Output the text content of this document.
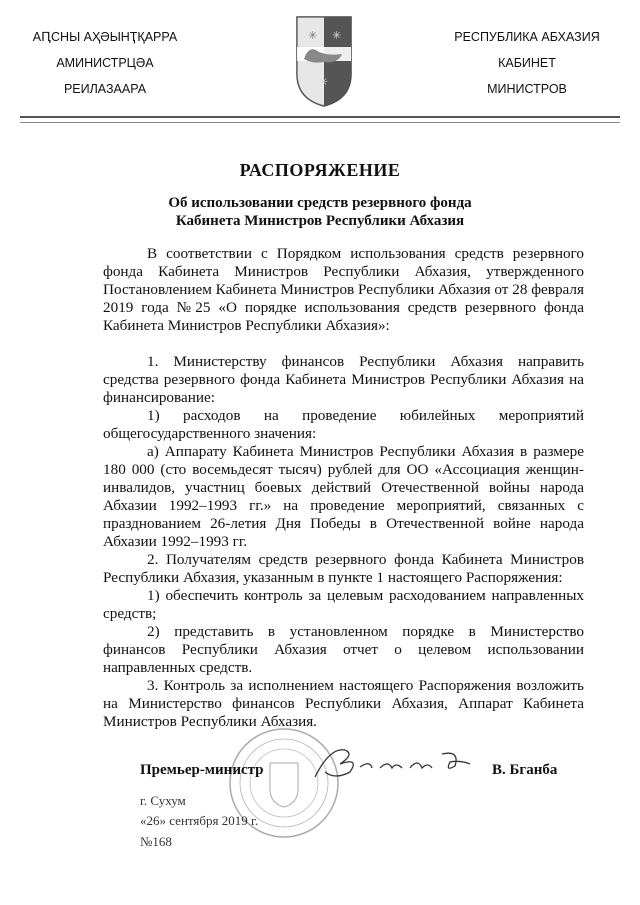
АԤСНЫ АҲӘЫНҬҚАРРА
АМИНИСТРЦӘА
РЕИЛАЗААРА
✳ ✳
✳
РЕСПУБЛИКА АБХАЗИЯ
КАБИНЕТ
МИНИСТРОВ
РАСПОРЯЖЕНИЕ
Об использовании средств резервного фонда
Кабинета Министров Республики Абхазия

В соответствии с Порядком использования средств резервного фонда Кабинета Министров Республики Абхазия, утвержденного Постановлением Кабинета Министров Республики Абхазия от 28 февраля 2019 года №25 «О порядке использования средств резервного фонда Кабинета Министров Республики Абхазия»:

1. Министерству финансов Республики Абхазия направить средства резервного фонда Кабинета Министров Республики Абхазия на финансирование:

1) расходов на проведение юбилейных мероприятий общегосударственного значения:

а) Аппарату Кабинета Министров Республики Абхазия в размере 180 000 (сто восемьдесят тысяч) рублей для ОО «Ассоциация женщин-инвалидов, участниц боевых действий Отечественной войны народа Абхазии 1992–1993 гг.» на проведение мероприятий, связанных с празднованием 26-летия Дня Победы в Отечественной войне народа Абхазии 1992–1993 гг.

2. Получателям средств резервного фонда Кабинета Министров Республики Абхазия, указанным в пункте 1 настоящего Распоряжения:

1) обеспечить контроль за целевым расходованием направленных средств;

2) представить в установленном порядке в Министерство финансов Республики Абхазия отчет о целевом использовании направленных средств.

3. Контроль за исполнением настоящего Распоряжения возложить на Министерство финансов Республики Абхазия, Аппарат Кабинета Министров Республики Абхазия.

Премьер-министр	В. Бганба
г. Сухум
«26» сентября 2019 г.
№168
